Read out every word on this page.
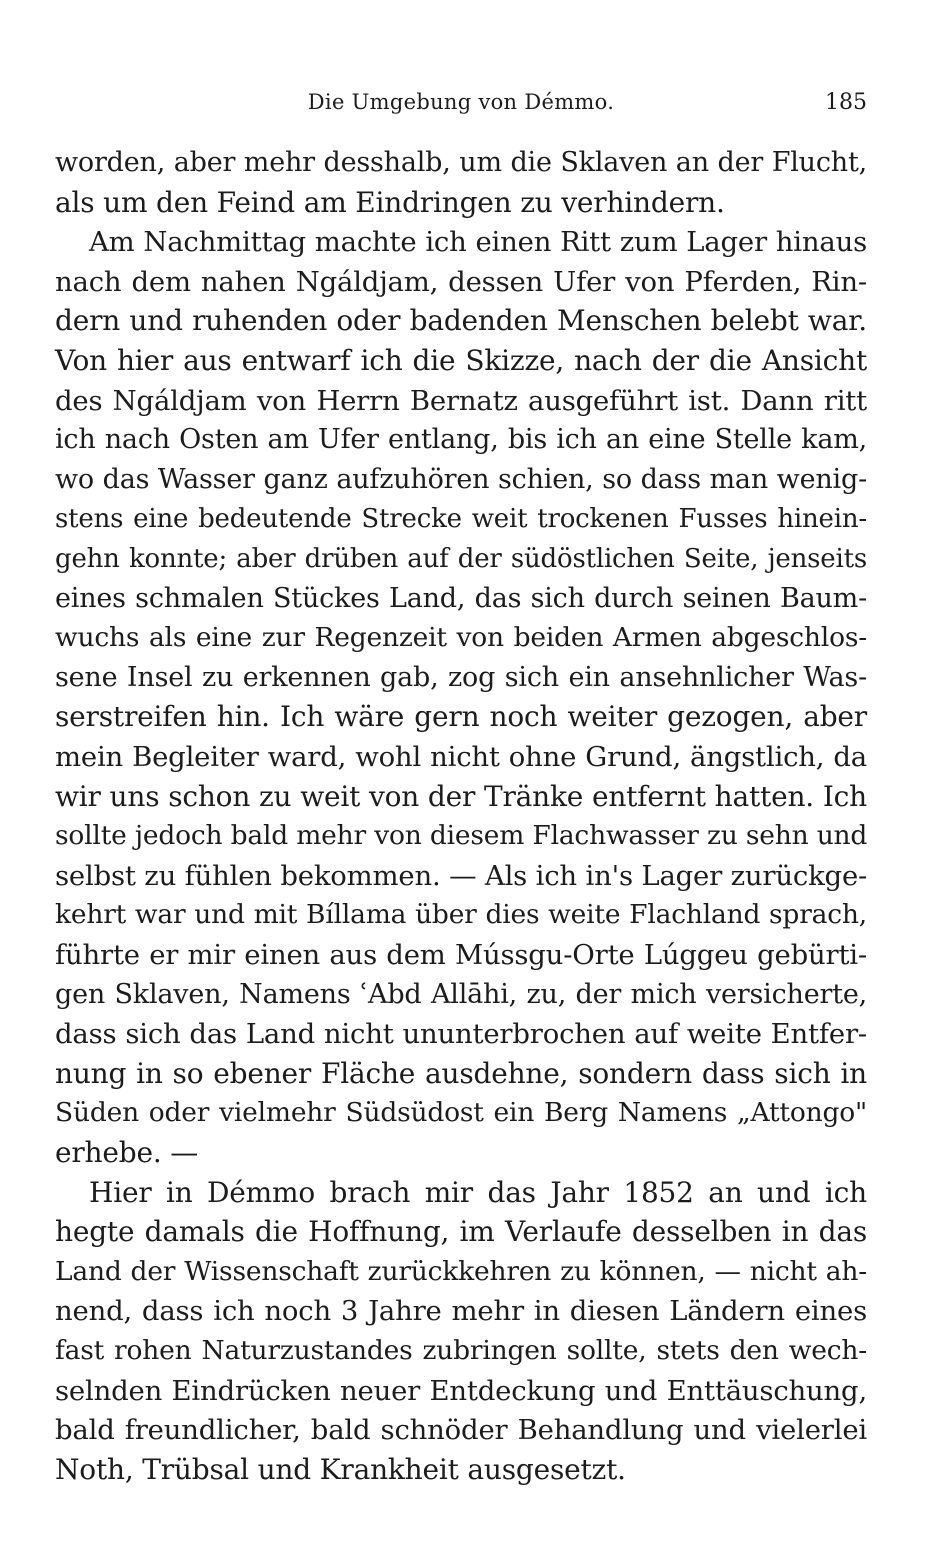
Die Umgebung von Démmo.	185
worden, aber mehr desshalb, um die Sklaven an der Flucht,
als um den Feind am Eindringen zu verhindern.
Am Nachmittag machte ich einen Ritt zum Lager hinaus
nach dem nahen Ngáldjam, dessen Ufer von Pferden, Rin-
dern und ruhenden oder badenden Menschen belebt war.
Von hier aus entwarf ich die Skizze, nach der die Ansicht
des Ngáldjam von Herrn Bernatz ausgeführt ist. Dann ritt
ich nach Osten am Ufer entlang, bis ich an eine Stelle kam,
wo das Wasser ganz aufzuhören schien, so dass man wenig-
stens eine bedeutende Strecke weit trockenen Fusses hinein-
gehn konnte; aber drüben auf der südöstlichen Seite, jenseits
eines schmalen Stückes Land, das sich durch seinen Baum-
wuchs als eine zur Regenzeit von beiden Armen abgeschlos-
sene Insel zu erkennen gab, zog sich ein ansehnlicher Was-
serstreifen hin. Ich wäre gern noch weiter gezogen, aber
mein Begleiter ward, wohl nicht ohne Grund, ängstlich, da
wir uns schon zu weit von der Tränke entfernt hatten. Ich
sollte jedoch bald mehr von diesem Flachwasser zu sehn und
selbst zu fühlen bekommen. — Als ich in's Lager zurückge-
kehrt war und mit Bíllama über dies weite Flachland sprach,
führte er mir einen aus dem Mússgu-Orte Lúggeu gebürti-
gen Sklaven, Namens ʿAbd Allāhi, zu, der mich versicherte,
dass sich das Land nicht ununterbrochen auf weite Entfer-
nung in so ebener Fläche ausdehne, sondern dass sich in
Süden oder vielmehr Südsüdost ein Berg Namens „Attongo"
erhebe. —
Hier in Démmo brach mir das Jahr 1852 an und ich
hegte damals die Hoffnung, im Verlaufe desselben in das
Land der Wissenschaft zurückkehren zu können, — nicht ah-
nend, dass ich noch 3 Jahre mehr in diesen Ländern eines
fast rohen Naturzustandes zubringen sollte, stets den wech-
selnden Eindrücken neuer Entdeckung und Enttäuschung,
bald freundlicher, bald schnöder Behandlung und vielerlei
Noth, Trübsal und Krankheit ausgesetzt.
